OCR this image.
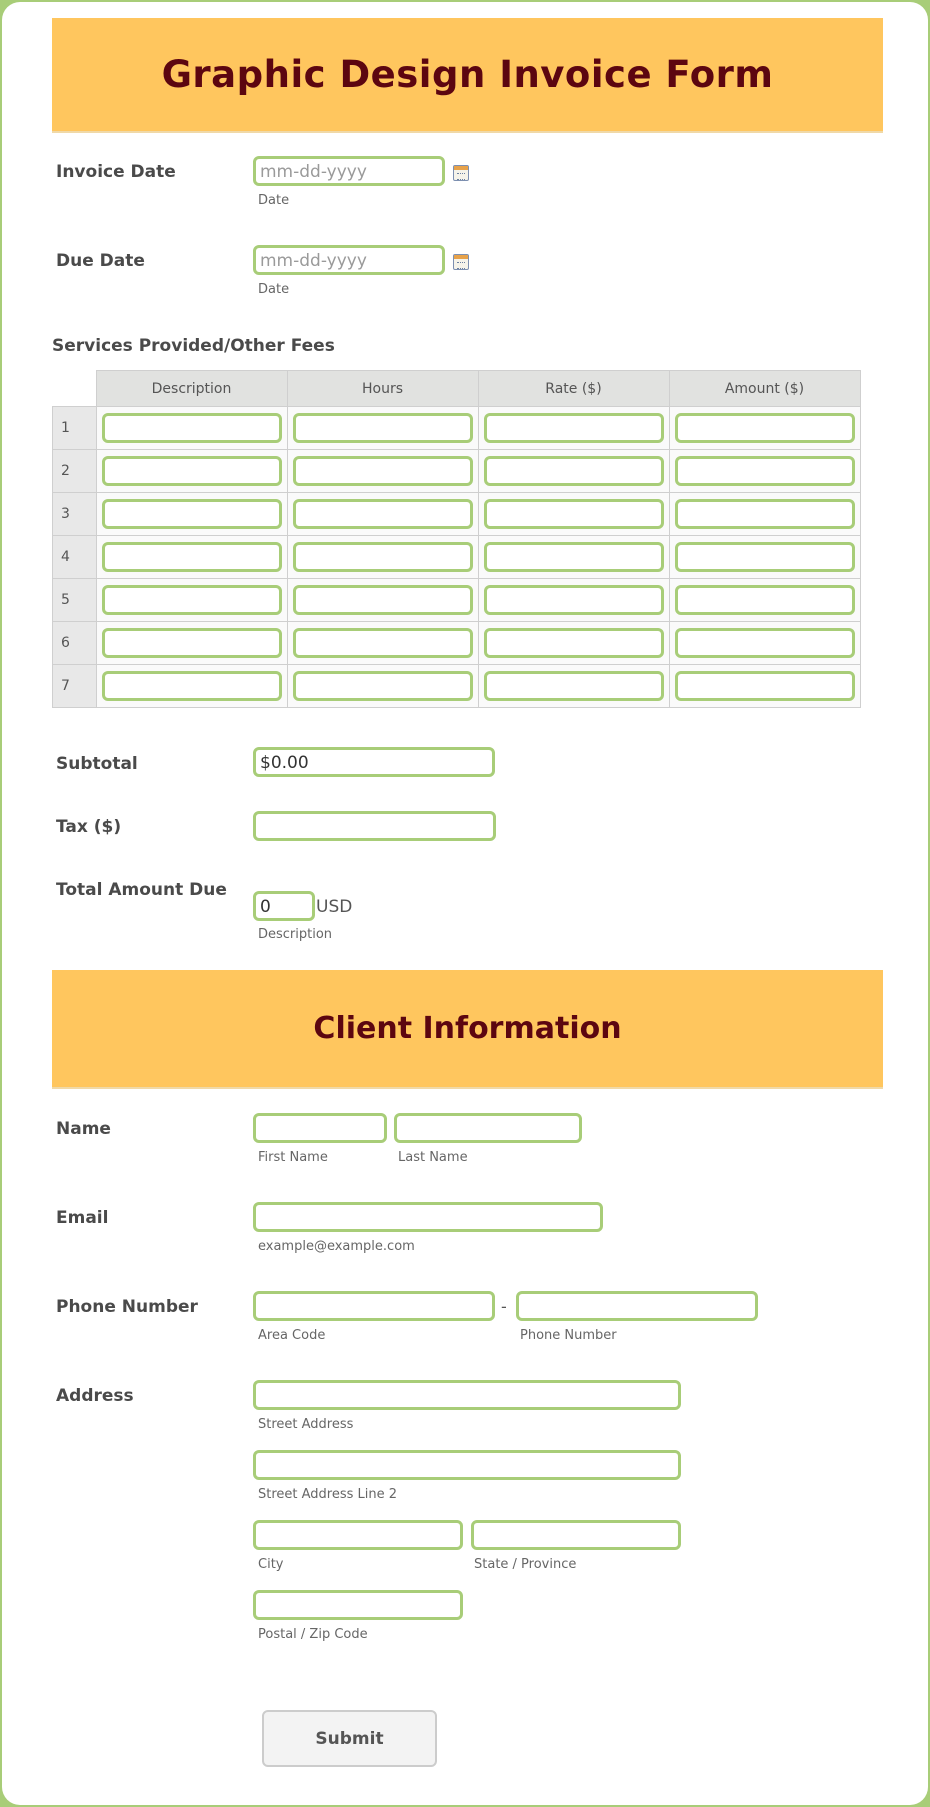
Graphic Design Invoice Form
Invoice Date	mm-dd-yyyy
Date
Due Date	mm-dd-yyyy
Date
Services Provided/Other Fees
	Description	Hours	Rate ($)	Amount ($)
1	

2	

3	

4	

5	

6	

7	

Subtotal	$0.00
Tax ($)
Total Amount Due
0	USD
Description
Client Information
Name
First Name	Last Name
Email
example@example.com
Phone Number	-
Area Code	Phone Number
Address
Street Address
Street Address Line 2
City	State / Province
Postal / Zip Code
Submit
